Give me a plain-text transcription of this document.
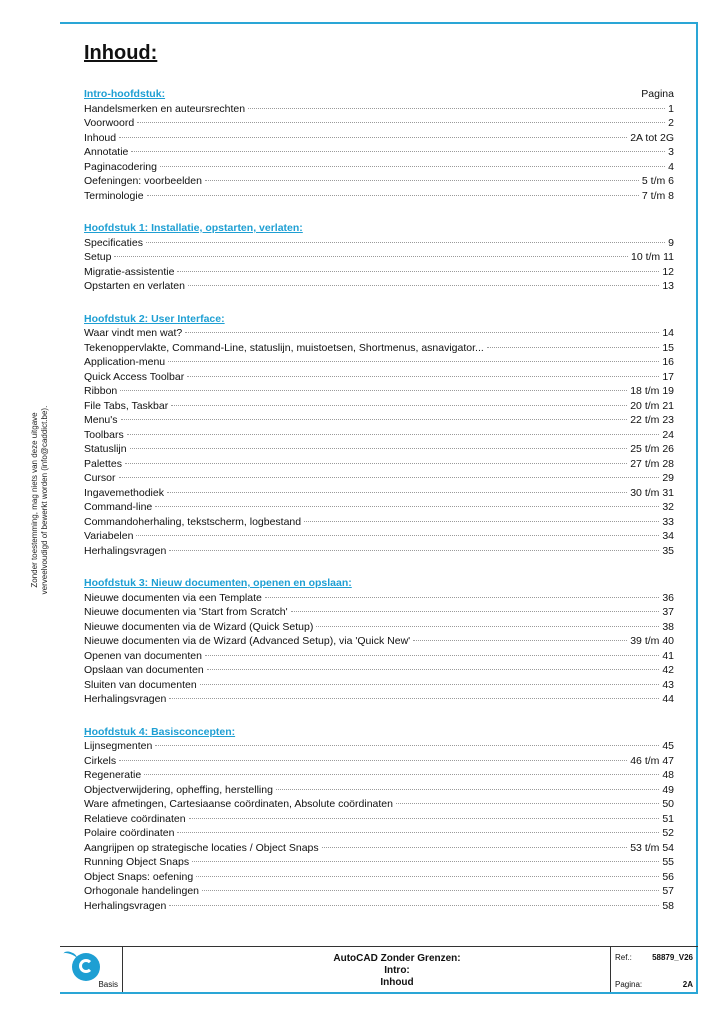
Zonder toestemming, mag niets van deze uitgave verveelvoudigd of bewerkt worden (info@caddict.be).
Inhoud:
Intro-hoofdstuk:	Pagina
Handelsmerken en auteursrechten	1
Voorwoord	2
Inhoud	2A tot 2G
Annotatie	3
Paginacodering	4
Oefeningen: voorbeelden	5 t/m 6
Terminologie	7 t/m 8
Hoofdstuk 1: Installatie, opstarten, verlaten:
Specificaties	9
Setup	10 t/m 11
Migratie-assistentie	12
Opstarten en verlaten	13
Hoofdstuk 2: User Interface:
Waar vindt men wat?	14
Tekenoppervlakte, Command-Line, statuslijn, muistoetsen, Shortmenus, asnavigator...	15
Application-menu	16
Quick Access Toolbar	17
Ribbon	18 t/m 19
File Tabs, Taskbar	20 t/m 21
Menu's	22 t/m 23
Toolbars	24
Statuslijn	25 t/m 26
Palettes	27 t/m 28
Cursor	29
Ingavemethodiek	30 t/m 31
Command-line	32
Commandoherhaling, tekstscherm, logbestand	33
Variabelen	34
Herhalingsvragen	35
Hoofdstuk 3: Nieuw documenten, openen en opslaan:
Nieuwe documenten via een Template	36
Nieuwe documenten via 'Start from Scratch'	37
Nieuwe documenten via de Wizard (Quick Setup)	38
Nieuwe documenten via de Wizard (Advanced Setup), via 'Quick New'	39 t/m 40
Openen van documenten	41
Opslaan van documenten	42
Sluiten van documenten	43
Herhalingsvragen	44
Hoofdstuk 4: Basisconcepten:
Lijnsegmenten	45
Cirkels	46 t/m 47
Regeneratie	48
Objectverwijdering, opheffing, herstelling	49
Ware afmetingen, Cartesiaanse coördinaten, Absolute coördinaten	50
Relatieve coördinaten	51
Polaire coördinaten	52
Aangrijpen op strategische locaties / Object Snaps	53 t/m 54
Running Object Snaps	55
Object Snaps: oefening	56
Orhogonale handelingen	57
Herhalingsvragen	58
Basis
AutoCAD Zonder Grenzen:
Intro:
Inhoud
Ref.:	58879_V26
Pagina:	2A
